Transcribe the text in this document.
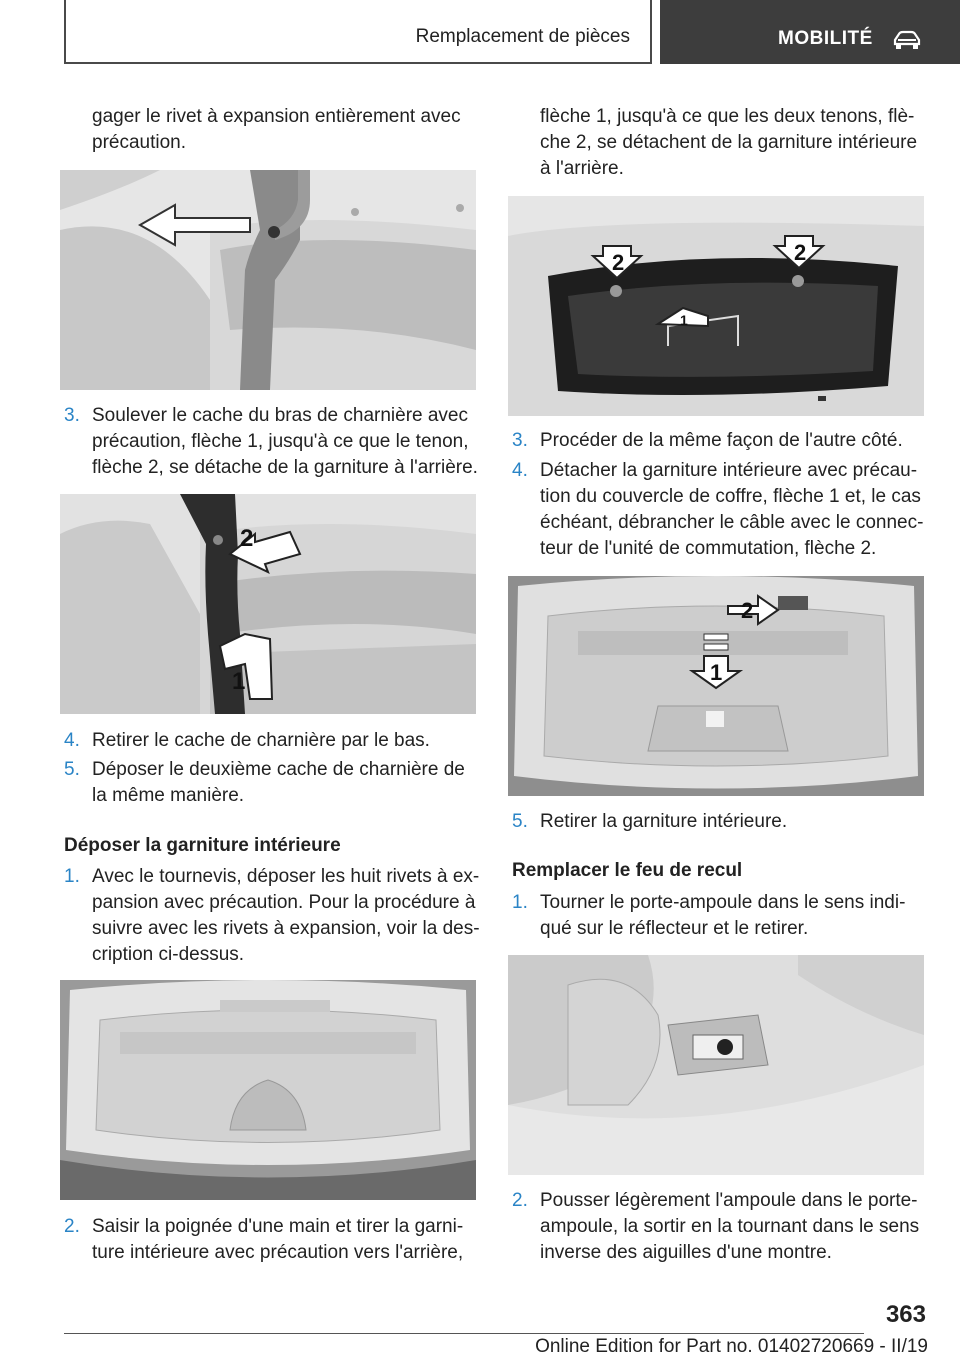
Remplacement de pièces	MOBILITÉ

gager le rivet à expansion entièrement avec

précaution.

3. Soulever le cache du bras de charnière avec

précaution, flèche 1, jusqu'à ce que le tenon,

flèche 2, se détache de la garniture à l'arrière.

2
1
4. Retirer le cache de charnière par le bas.

5. Déposer le deuxième cache de charnière de

la même manière.

Déposer la garniture intérieure
1. Avec le tournevis, déposer les huit rivets à ex‐

pansion avec précaution. Pour la procédure à

suivre avec les rivets à expansion, voir la des‐

cription ci-dessus.

2. Saisir la poignée d'une main et tirer la garni‐

ture intérieure avec précaution vers l'arrière,

flèche 1, jusqu'à ce que les deux tenons, flè‐

che 2, se détachent de la garniture intérieure

à l'arrière.

2	2
1
3. Procéder de la même façon de l'autre côté.

4. Détacher la garniture intérieure avec précau‐

tion du couvercle de coffre, flèche 1 et, le cas

échéant, débrancher le câble avec le connec‐

teur de l'unité de commutation, flèche 2.

2
1
5. Retirer la garniture intérieure.

Remplacer le feu de recul
1. Tourner le porte-ampoule dans le sens indi‐

qué sur le réflecteur et le retirer.

2. Pousser légèrement l'ampoule dans le porte-

ampoule, la sortir en la tournant dans le sens

inverse des aiguilles d'une montre.

363
Online Edition for Part no. 01402720669 - II/19
